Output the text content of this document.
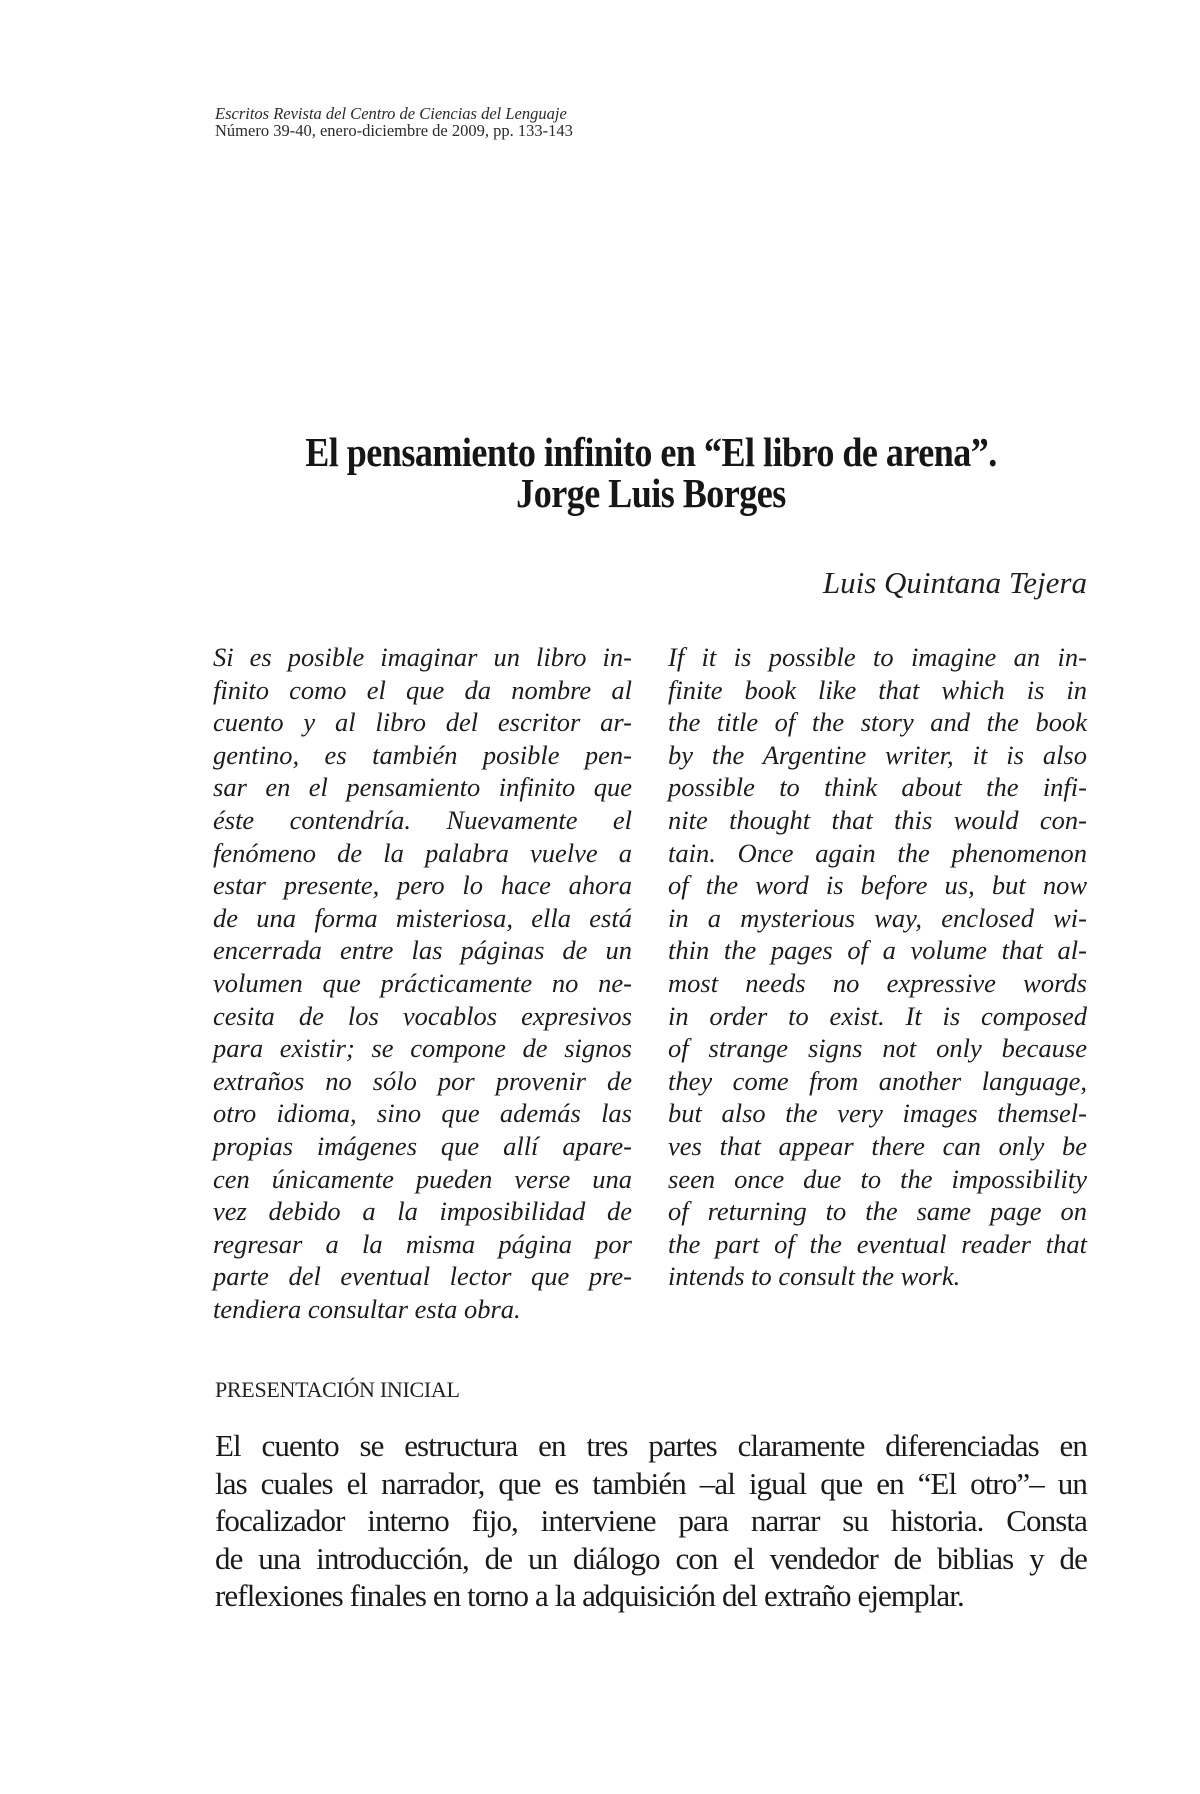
Escritos Revista del Centro de Ciencias del Lenguaje
Número 39-40, enero-diciembre de 2009, pp. 133-143
El pensamiento infinito en “El libro de arena”.
Jorge Luis Borges
Luis Quintana Tejera
Si es posible imaginar un libro in-
finito como el que da nombre al
cuento y al libro del escritor ar-
gentino, es también posible pen-
sar en el pensamiento infinito que
éste contendría. Nuevamente el
fenómeno de la palabra vuelve a
estar presente, pero lo hace ahora
de una forma misteriosa, ella está
encerrada entre las páginas de un
volumen que prácticamente no ne-
cesita de los vocablos expresivos
para existir; se compone de signos
extraños no sólo por provenir de
otro idioma, sino que además las
propias imágenes que allí apare-
cen únicamente pueden verse una
vez debido a la imposibilidad de
regresar a la misma página por
parte del eventual lector que pre-
tendiera consultar esta obra.
If it is possible to imagine an in-
finite book like that which is in
the title of the story and the book
by the Argentine writer, it is also
possible to think about the infi-
nite thought that this would con-
tain. Once again the phenomenon
of the word is before us, but now
in a mysterious way, enclosed wi-
thin the pages of a volume that al-
most needs no expressive words
in order to exist. It is composed
of strange signs not only because
they come from another language,
but also the very images themsel-
ves that appear there can only be
seen once due to the impossibility
of returning to the same page on
the part of the eventual reader that
intends to consult the work.
PRESENTACIÓN INICIAL
El cuento se estructura en tres partes claramente diferenciadas en
las cuales el narrador, que es también –al igual que en “El otro”– un
focalizador interno fijo, interviene para narrar su historia. Consta
de una introducción, de un diálogo con el vendedor de biblias y de
reflexiones finales en torno a la adquisición del extraño ejemplar.
